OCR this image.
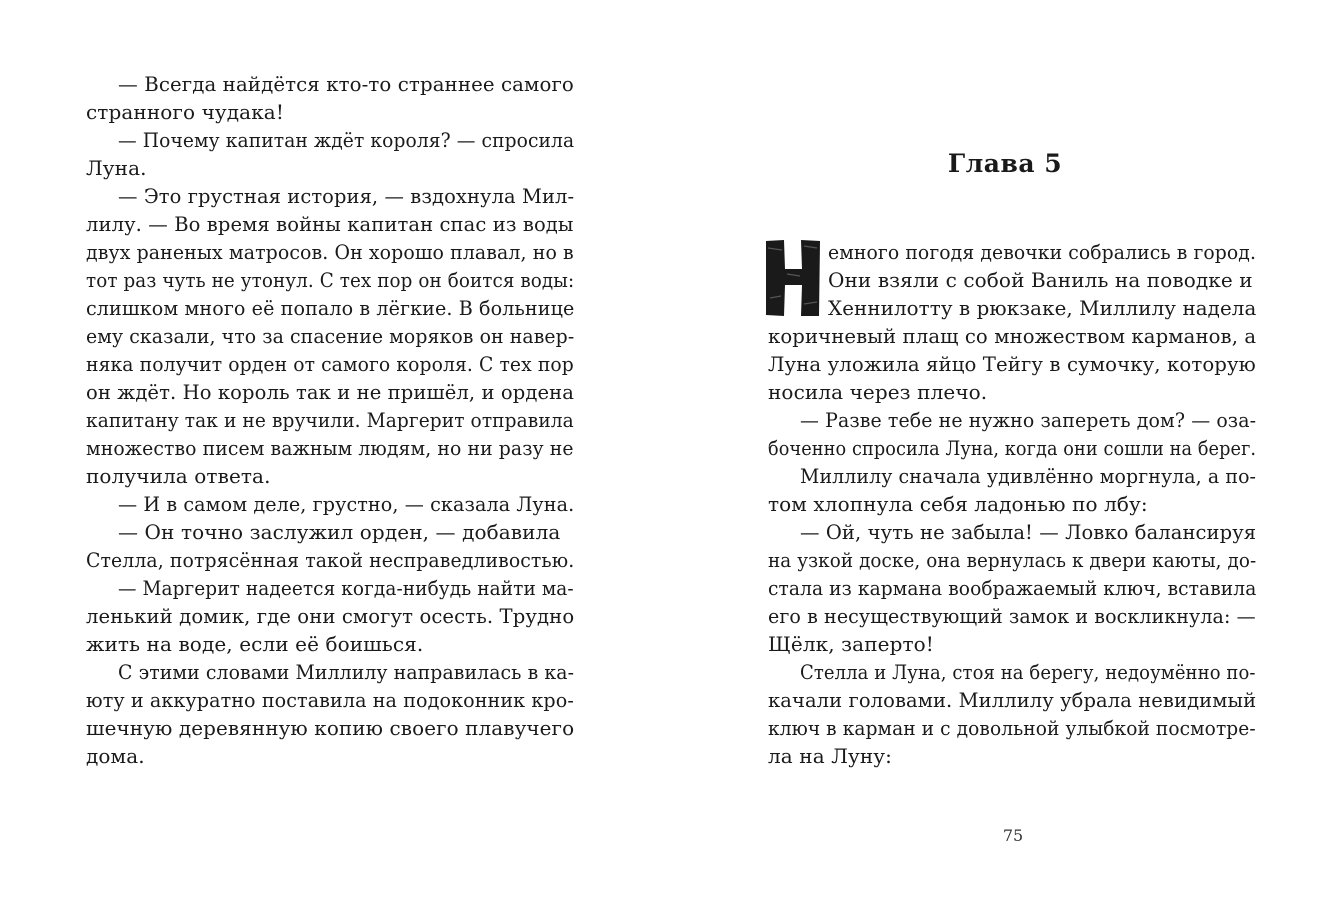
— Всегда найдётся кто-то страннее самого
странного чудака!
— Почему капитан ждёт короля? — спросила
Луна.
— Это грустная история, — вздохнула Мил-
лилу. — Во время войны капитан спас из воды
двух раненых матросов. Он хорошо плавал, но в
тот раз чуть не утонул. С тех пор он боится воды:
слишком много её попало в лёгкие. В больнице
ему сказали, что за спасение моряков он навер-
няка получит орден от самого короля. С тех пор
он ждёт. Но король так и не пришёл, и ордена
капитану так и не вручили. Маргерит отправила
множество писем важным людям, но ни разу не
получила ответа.
— И в самом деле, грустно, — сказала Луна.
— Он точно заслужил орден, — добавила
Стелла, потрясённая такой несправедливостью.
— Маргерит надеется когда-нибудь найти ма-
ленький домик, где они смогут осесть. Трудно
жить на воде, если её боишься.
С этими словами Миллилу направилась в ка-
юту и аккуратно поставила на подоконник кро-
шечную деревянную копию своего плавучего
дома.
Глава 5
емного погодя девочки собрались в город.
Они взяли с собой Ваниль на поводке и
Хеннилотту в рюкзаке, Миллилу надела
коричневый плащ со множеством карманов, а
Луна уложила яйцо Тейгу в сумочку, которую
носила через плечо.
— Разве тебе не нужно запереть дом? — оза-
боченно спросила Луна, когда они сошли на берег.
Миллилу сначала удивлённо моргнула, а по-
том хлопнула себя ладонью по лбу:
— Ой, чуть не забыла! — Ловко балансируя
на узкой доске, она вернулась к двери каюты, до-
стала из кармана воображаемый ключ, вставила
его в несуществующий замок и воскликнула: —
Щёлк, заперто!
Стелла и Луна, стоя на берегу, недоумённо по-
качали головами. Миллилу убрала невидимый
ключ в карман и с довольной улыбкой посмотре-
ла на Луну:
75
